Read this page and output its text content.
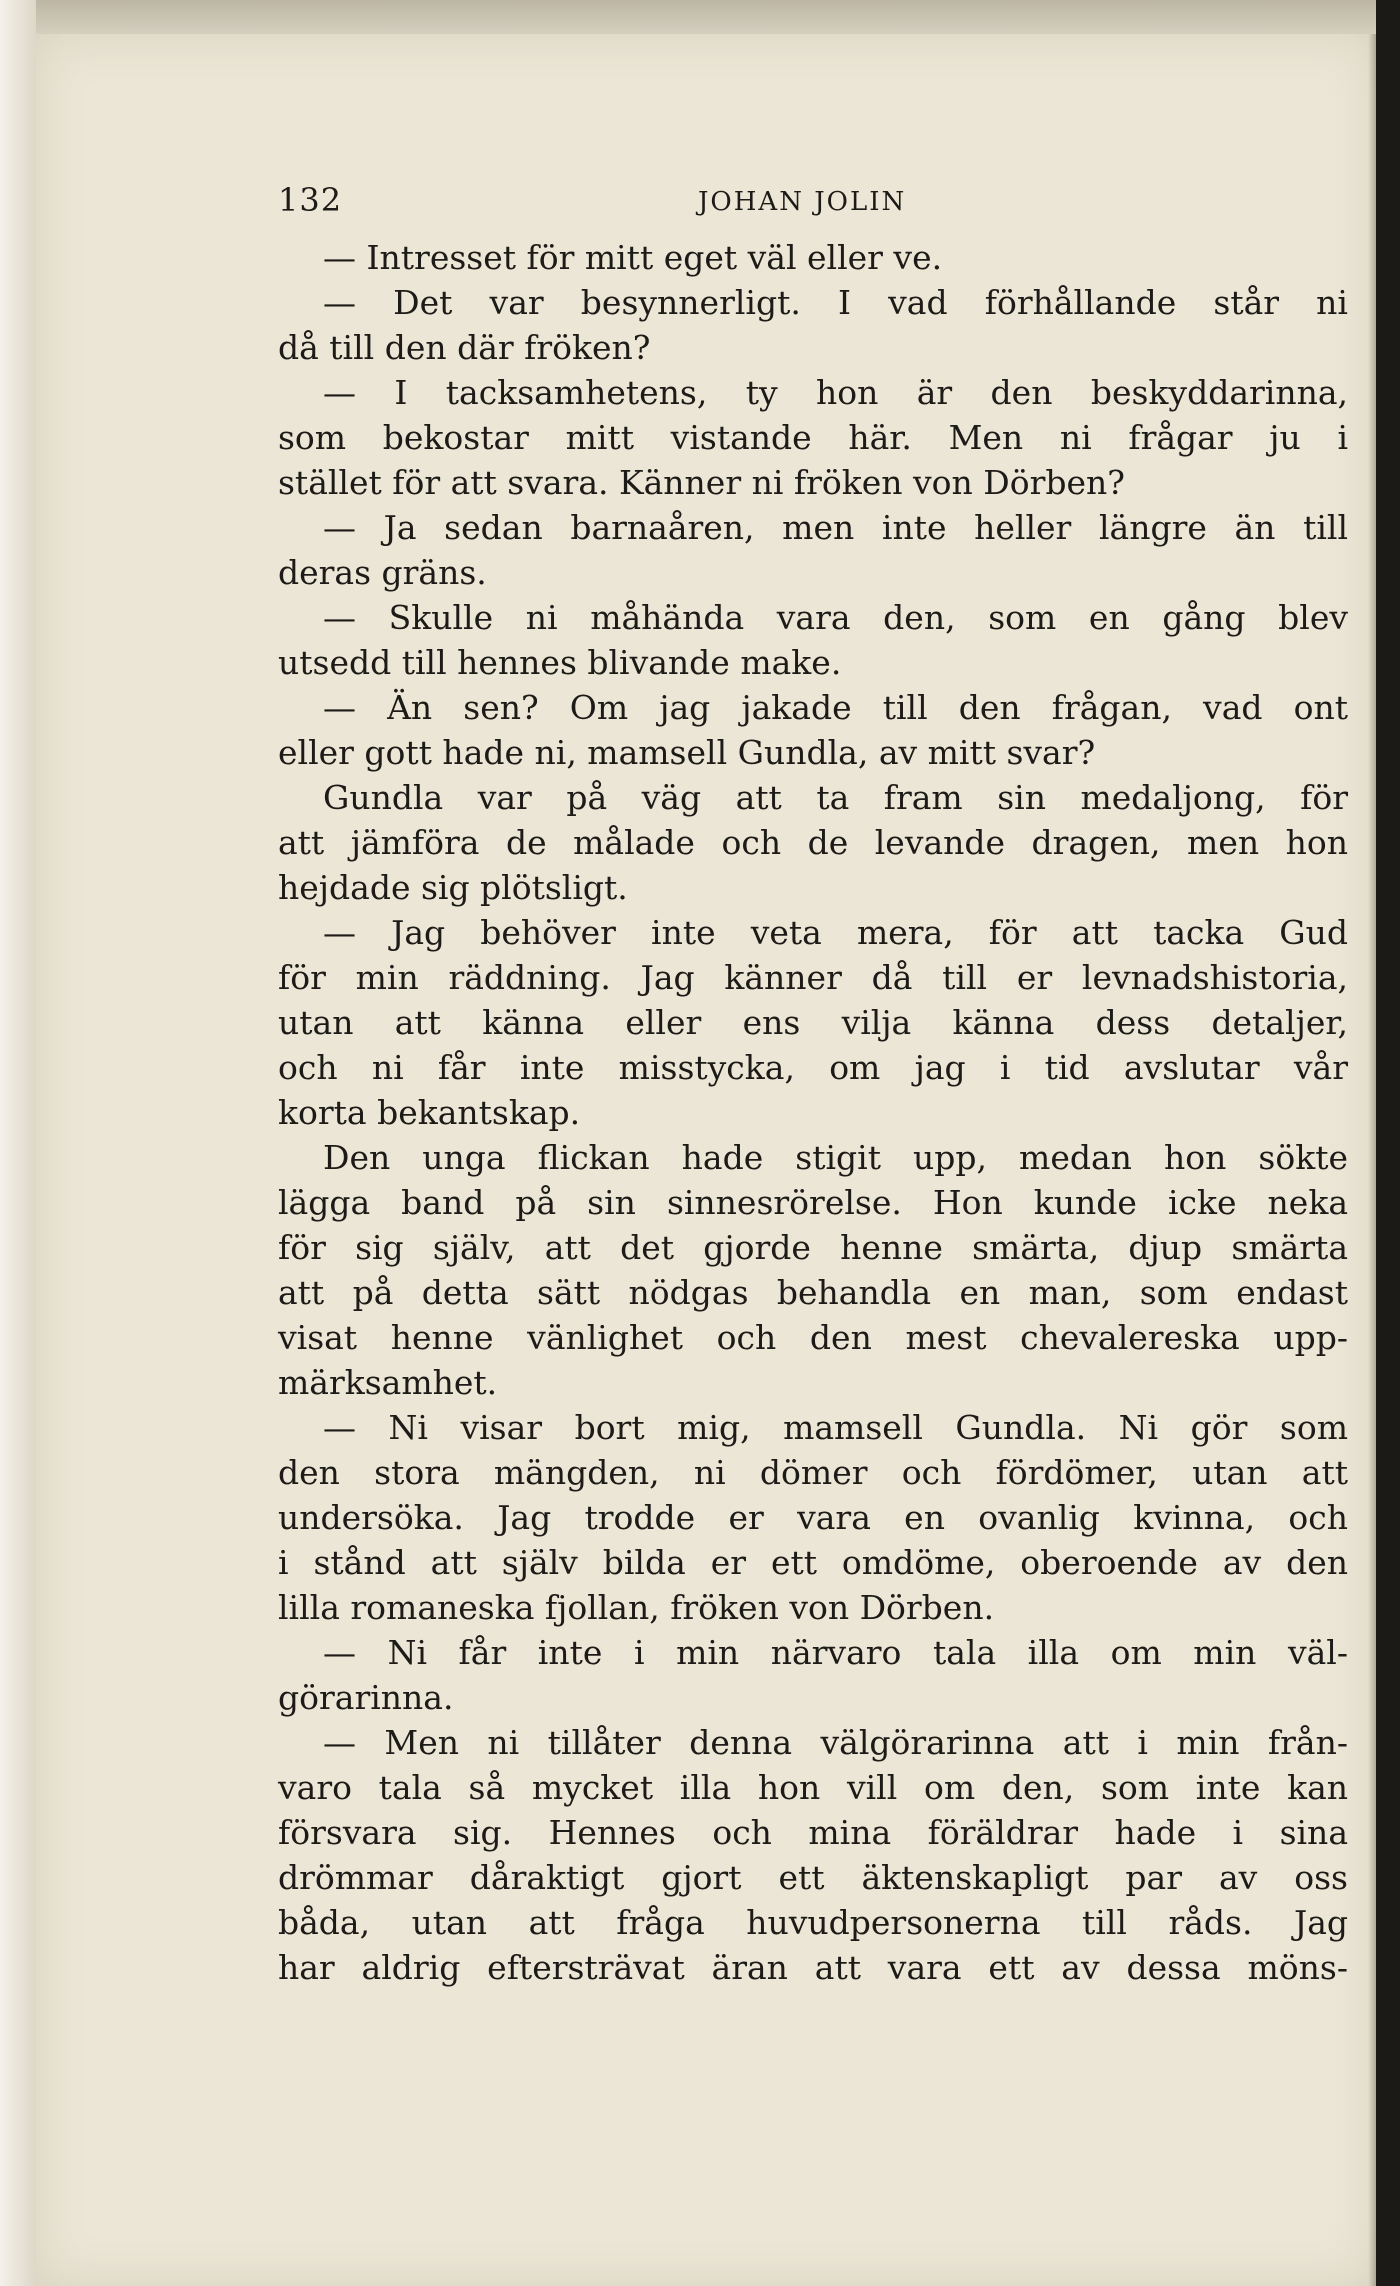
132	JOHAN JOLIN
— Intresset för mitt eget väl eller ve.
— Det var besynnerligt. I vad förhållande står ni
då till den där fröken?
— I tacksamhetens, ty hon är den beskyddarinna,
som bekostar mitt vistande här. Men ni frågar ju i
stället för att svara. Känner ni fröken von Dörben?
— Ja sedan barnaåren, men inte heller längre än till
deras gräns.
— Skulle ni måhända vara den, som en gång blev
utsedd till hennes blivande make.
— Än sen? Om jag jakade till den frågan, vad ont
eller gott hade ni, mamsell Gundla, av mitt svar?
Gundla var på väg att ta fram sin medaljong, för
att jämföra de målade och de levande dragen, men hon
hejdade sig plötsligt.
— Jag behöver inte veta mera, för att tacka Gud
för min räddning. Jag känner då till er levnadshistoria,
utan att känna eller ens vilja känna dess detaljer,
och ni får inte misstycka, om jag i tid avslutar vår
korta bekantskap.
Den unga flickan hade stigit upp, medan hon sökte
lägga band på sin sinnesrörelse. Hon kunde icke neka
för sig själv, att det gjorde henne smärta, djup smärta
att på detta sätt nödgas behandla en man, som endast
visat henne vänlighet och den mest chevalereska upp-
märksamhet.
— Ni visar bort mig, mamsell Gundla. Ni gör som
den stora mängden, ni dömer och fördömer, utan att
undersöka. Jag trodde er vara en ovanlig kvinna, och
i stånd att själv bilda er ett omdöme, oberoende av den
lilla romaneska fjollan, fröken von Dörben.
— Ni får inte i min närvaro tala illa om min väl-
görarinna.
— Men ni tillåter denna välgörarinna att i min från-
varo tala så mycket illa hon vill om den, som inte kan
försvara sig. Hennes och mina föräldrar hade i sina
drömmar dåraktigt gjort ett äktenskapligt par av oss
båda, utan att fråga huvudpersonerna till råds. Jag
har aldrig eftersträvat äran att vara ett av dessa möns-
